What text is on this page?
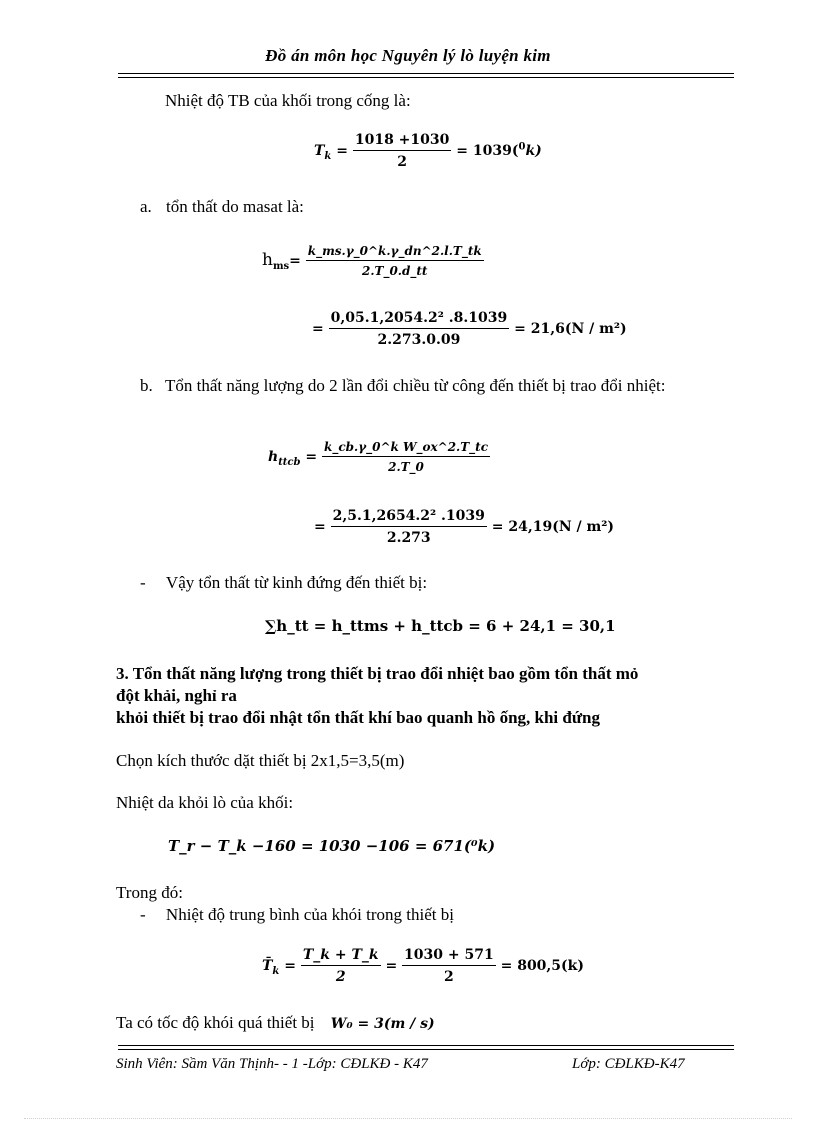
Đồ án môn học Nguyên lý lò luyện kim
Nhiệt độ TB của khối trong cống là:
$T_k = \frac{1018 +1030}{2} = 1039(^0k)$
a. tổn thất do masat là:
$h_{ms}= \frac{k\_ms.\gamma\_0\^{}k.\gamma\_dn\^{}2.l.T\_tk}{2.T\_0.d\_tt}$
= $\frac{\text{0,05.1,2054.2² .8.1039}}{2.273.0.09} = 21,6(N / m^2)$
b. Tổn thất năng lượng do 2 lần đổi chiều từ công đến thiết bị trao đổi nhiệt:
$h_{ttcb} = \frac{\text{k\_cb.γ\_0\textasciicircum{}k W\_ox\textasciicircum{}2.T\_tc}}{2.T\_0}$
= $\frac{\text{2,5.1,2654.2² .1039}}{2.273} = 24,19(N / m^2)$
- Vậy tổn thất từ kinh đứng đến thiết bị:
∑h_tt = h_ttms + h_ttcb = 6 + 24,1 = 30,1
3. Tổn thất năng lượng trong thiết bị trao đổi nhiệt bao gồm tổn thất mỏ
đột khải, nghỉ ra
khỏi thiết bị trao đổi nhật tổn thất khí bao quanh hồ ống, khi đứng
Chọn kích thước dặt thiết bị 2x1,5=3,5(m)
Nhiệt da khỏi lò của khối:
T_r − T_k −160 = 1030 −106 = 671(⁰k)
Trong đó:
- Nhiệt độ trung bình của khói trong thiết bị
$T̄_k = \frac{T\_k + T\_k}{2} = \frac{1030 + 571}{2} = 800,5(k)$
Ta có tốc độ khói quá thiết bị W₀ = 3(m / s)
Sinh Viên: Sầm Văn Thịnh- - 1 -Lớp: CĐLKĐ - K47	Lớp: CĐLKĐ-K47
